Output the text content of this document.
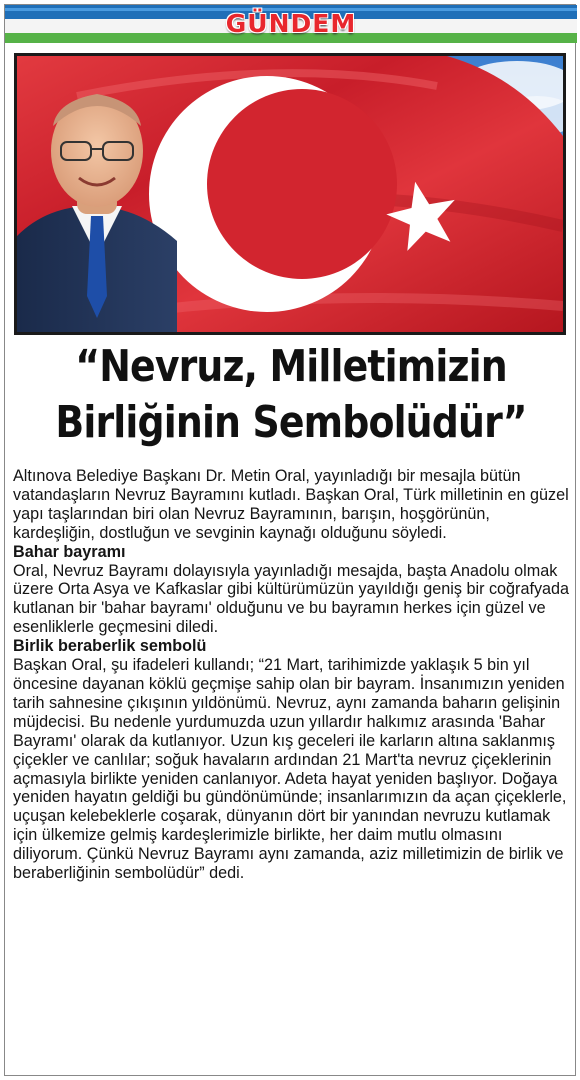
GÜNDEM
“Nevruz, Milletimizin
Birliğinin Sembolüdür”

Altınova Belediye Başkanı Dr. Metin Oral, yayınladığı bir mesajla bütün vatandaşların Nevruz Bayramını kutladı. Başkan Oral, Türk milletinin en güzel yapı taşlarından biri olan Nevruz Bayramının, barışın, hoşgörünün, kardeşliğin, dostluğun ve sevginin kaynağı olduğunu söyledi.

Bahar bayramı

Oral, Nevruz Bayramı dolayısıyla yayınladığı mesajda, başta Anadolu olmak üzere Orta Asya ve Kafkaslar gibi kültürümüzün yayıldığı geniş bir coğrafyada kutlanan bir 'bahar bayramı' olduğunu ve bu bayramın herkes için güzel ve esenliklerle geçmesini diledi.

Birlik beraberlik sembolü

Başkan Oral, şu ifadeleri kullandı; “21 Mart, tarihimizde yaklaşık 5 bin yıl öncesine dayanan köklü geçmişe sahip olan bir bayram. İnsanımızın yeniden tarih sahnesine çıkışının yıldönümü. Nevruz, aynı zamanda baharın gelişinin müjdecisi. Bu nedenle yurdumuzda uzun yıllardır halkımız arasında 'Bahar Bayramı' olarak da kutlanıyor. Uzun kış geceleri ile karların altına saklanmış çiçekler ve canlılar; soğuk havaların ardından 21 Mart'ta nevruz çiçeklerinin açmasıyla birlikte yeniden canlanıyor. Adeta hayat yeniden başlıyor. Doğaya yeniden hayatın geldiği bu gündönümünde; insanlarımızın da açan çiçeklerle, uçuşan kelebeklerle coşarak, dünyanın dört bir yanından nevruzu kutlamak için ülkemize gelmiş kardeşlerimizle birlikte, her daim mutlu olmasını diliyorum. Çünkü Nevruz Bayramı aynı zamanda, aziz milletimizin de birlik ve beraberliğinin sembolüdür” dedi.
